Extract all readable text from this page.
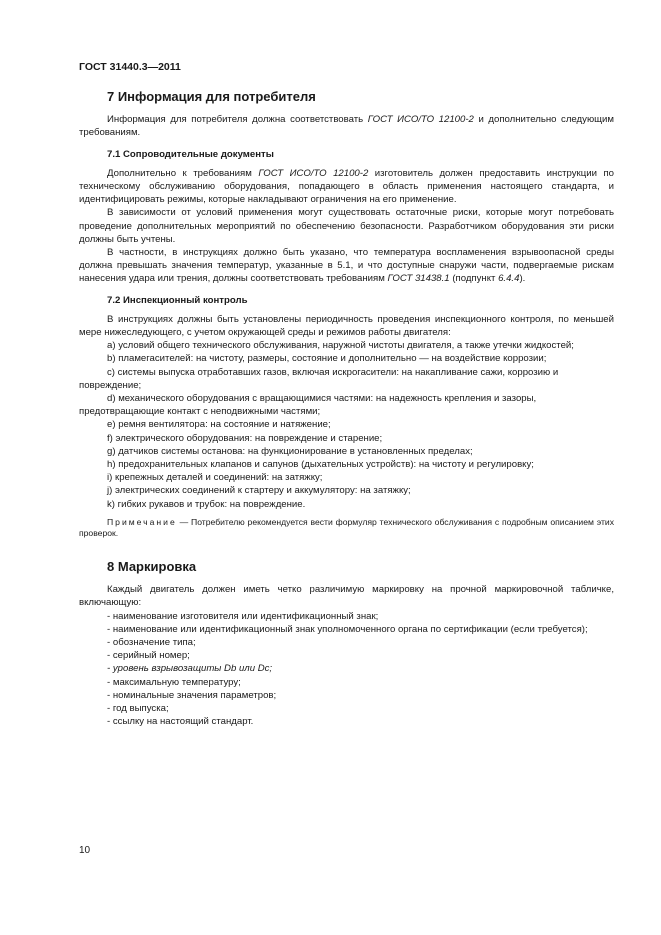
ГОСТ 31440.3—2011
7 Информация для потребителя

Информация для потребителя должна соответствовать ГОСТ ИСО/ТО 12100-2 и дополнительно следующим требованиям.

7.1 Сопроводительные документы

Дополнительно к требованиям ГОСТ ИСО/ТО 12100-2 изготовитель должен предоставить инструкции по техническому обслуживанию оборудования, попадающего в область применения настоящего стандарта, и идентифицировать режимы, которые накладывают ограничения на его применение.

В зависимости от условий применения могут существовать остаточные риски, которые могут потребовать проведение дополнительных мероприятий по обеспечению безопасности. Разработчиком оборудования эти риски должны быть учтены.

В частности, в инструкциях должно быть указано, что температура воспламенения взрывоопасной среды должна превышать значения температур, указанные в 5.1, и что доступные снаружи части, подвергаемые рискам нанесения удара или трения, должны соответствовать требованиям ГОСТ 31438.1 (подпункт 6.4.4).

7.2 Инспекционный контроль

В инструкциях должны быть установлены периодичность проведения инспекционного контроля, по меньшей мере нижеследующего, с учетом окружающей среды и режимов работы двигателя:

a) условий общего технического обслуживания, наружной чистоты двигателя, а также утечки жидкостей;

b) пламегасителей: на чистоту, размеры, состояние и дополнительно — на воздействие коррозии;

c) системы выпуска отработавших газов, включая искрогасители: на накапливание сажи, коррозию и повреждение;

d) механического оборудования с вращающимися частями: на надежность крепления и зазоры, предотвращающие контакт с неподвижными частями;

e) ремня вентилятора: на состояние и натяжение;

f) электрического оборудования: на повреждение и старение;

g) датчиков системы останова: на функционирование в установленных пределах;

h) предохранительных клапанов и сапунов (дыхательных устройств): на чистоту и регулировку;

i) крепежных деталей и соединений: на затяжку;

j) электрических соединений к стартеру и аккумулятору: на затяжку;

k) гибких рукавов и трубок: на повреждение.

Примечание — Потребителю рекомендуется вести формуляр технического обслуживания с подробным описанием этих проверок.

8 Маркировка

Каждый двигатель должен иметь четко различимую маркировку на прочной маркировочной табличке, включающую:

- наименование изготовителя или идентификационный знак;

- наименование или идентификационный знак уполномоченного органа по сертификации (если требуется);

- обозначение типа;

- серийный номер;

- уровень взрывозащиты Db или Dc;

- максимальную температуру;

- номинальные значения параметров;

- год выпуска;

- ссылку на настоящий стандарт.

10
